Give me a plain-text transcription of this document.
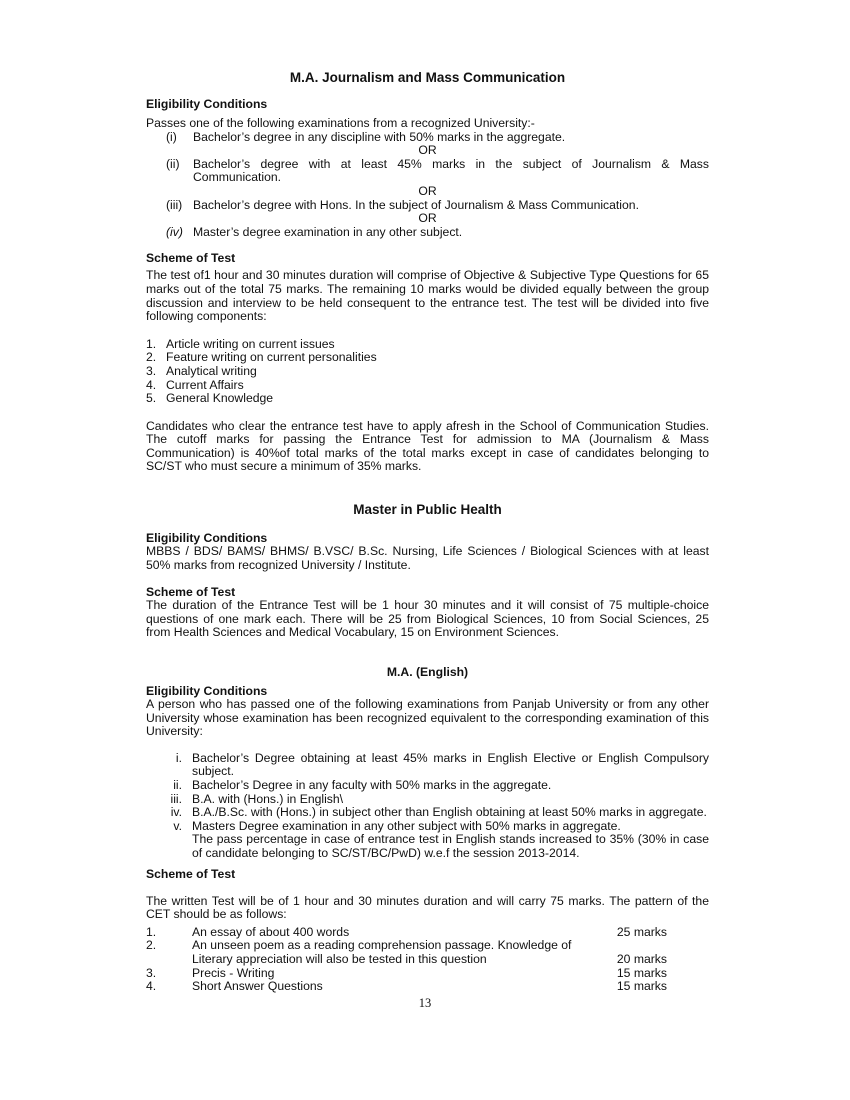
M.A. Journalism and Mass Communication
Eligibility Conditions

Passes one of the following examinations from a recognized University:-

(i)	Bachelor’s degree in any discipline with 50% marks in the aggregate.
OR
(ii)	Bachelor’s degree with at least 45% marks in the subject of Journalism & Mass Communication.
OR
(iii) Bachelor’s degree with Hons. In the subject of Journalism & Mass Communication.
OR
(iv) Master’s degree examination in any other subject.
Scheme of Test

The test of1 hour and 30 minutes duration will comprise of Objective & Subjective Type Questions for 65 marks out of the total 75 marks. The remaining 10 marks would be divided equally between the group discussion and interview to be held consequent to the entrance test. The test will be divided into five following components:

1. Article writing on current issues
2. Feature writing on current personalities
3. Analytical writing
4. Current Affairs
5. General Knowledge

Candidates who clear the entrance test have to apply afresh in the School of Communication Studies. The cutoff marks for passing the Entrance Test for admission to MA (Journalism & Mass Communication) is 40%of total marks of the total marks except in case of candidates belonging to SC/ST who must secure a minimum of 35% marks.

Master in Public Health
Eligibility Conditions

MBBS / BDS/ BAMS/ BHMS/ B.VSC/ B.Sc. Nursing, Life Sciences / Biological Sciences with at least 50% marks from recognized University / Institute.

Scheme of Test

The duration of the Entrance Test will be 1 hour 30 minutes and it will consist of 75 multiple-choice questions of one mark each. There will be 25 from Biological Sciences, 10 from Social Sciences, 25 from Health Sciences and Medical Vocabulary, 15 on Environment Sciences.

M.A. (English)
Eligibility Conditions

A person who has passed one of the following examinations from Panjab University or from any other University whose examination has been recognized equivalent to the corresponding examination of this University:

i. Bachelor’s Degree obtaining at least 45% marks in English Elective or English Compulsory subject.
ii. Bachelor’s Degree in any faculty with 50% marks in the aggregate.
iii. B.A. with (Hons.) in English\
iv. B.A./B.Sc. with (Hons.) in subject other than English obtaining at least 50% marks in aggregate.
v. Masters Degree examination in any other subject with 50% marks in aggregate.
The pass percentage in case of entrance test in English stands increased to 35% (30% in case of candidate belonging to SC/ST/BC/PwD) w.e.f the session 2013-2014.
Scheme of Test

The written Test will be of 1 hour and 30 minutes duration and will carry 75 marks. The pattern of the CET should be as follows:

1.	An essay of about 400 words	25 marks
2.	An unseen poem as a reading comprehension passage. Knowledge of
Literary appreciation will also be tested in this question	20 marks
3.	Precis - Writing	15 marks
4.	Short Answer Questions	15 marks
13
